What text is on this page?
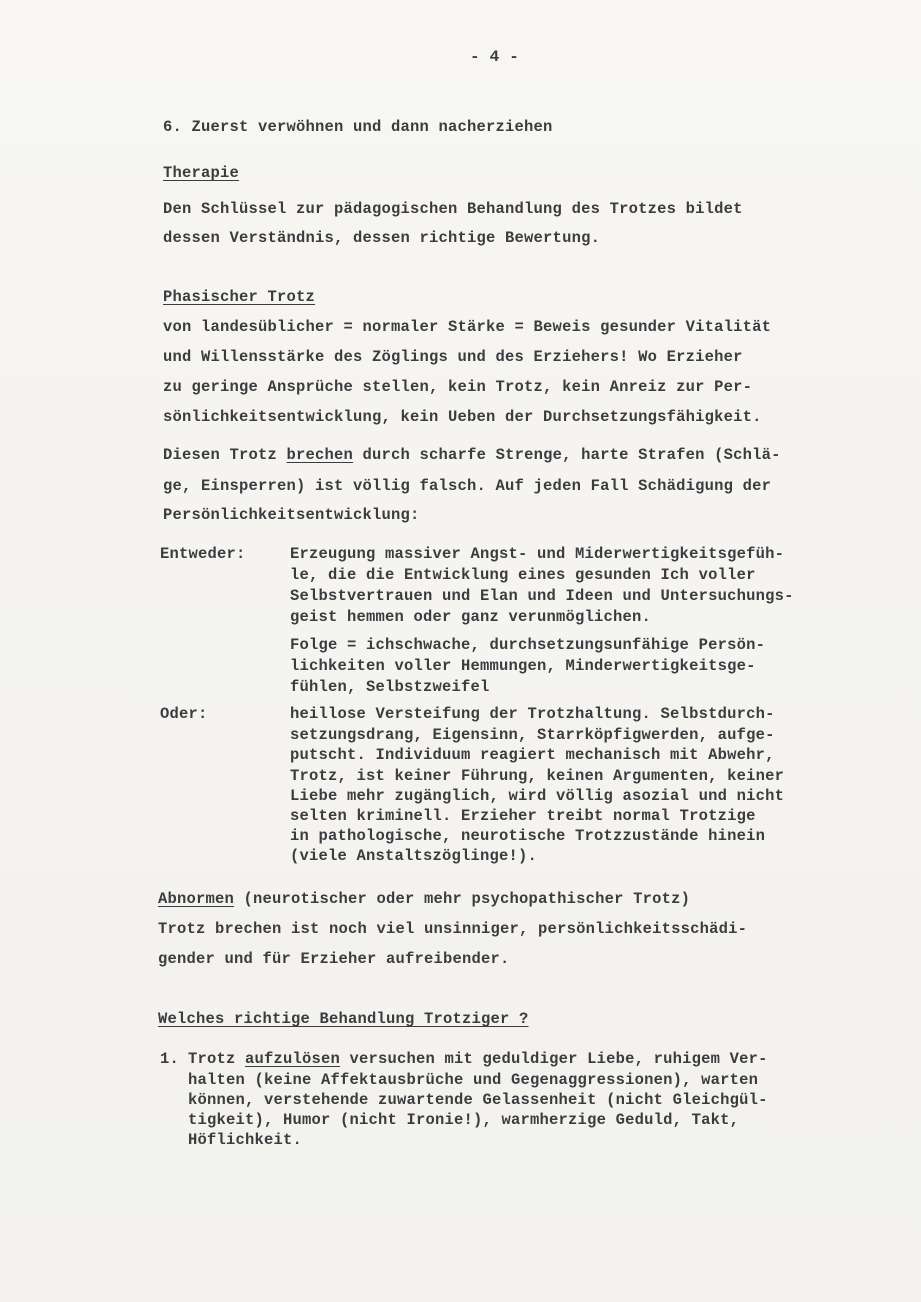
- 4 -
6. Zuerst verwöhnen und dann nacherziehen
Therapie
Den Schlüssel zur pädagogischen Behandlung des Trotzes bildet
dessen Verständnis, dessen richtige Bewertung.
Phasischer Trotz
von landesüblicher = normaler Stärke = Beweis gesunder Vitalität
und Willensstärke des Zöglings und des Erziehers! Wo Erzieher
zu geringe Ansprüche stellen, kein Trotz, kein Anreiz zur Per-
sönlichkeitsentwicklung, kein Ueben der Durchsetzungsfähigkeit.
Diesen Trotz brechen durch scharfe Strenge, harte Strafen (Schlä-
ge, Einsperren) ist völlig falsch. Auf jeden Fall Schädigung der
Persönlichkeitsentwicklung:
Entweder:	Erzeugung massiver Angst- und Miderwertigkeitsgefüh-
le, die die Entwicklung eines gesunden Ich voller
Selbstvertrauen und Elan und Ideen und Untersuchungs-
geist hemmen oder ganz verunmöglichen.
Folge = ichschwache, durchsetzungsunfähige Persön-
lichkeiten voller Hemmungen, Minderwertigkeitsge-
fühlen, Selbstzweifel
Oder:	heillose Versteifung der Trotzhaltung. Selbstdurch-
setzungsdrang, Eigensinn, Starrköpfigwerden, aufge-
putscht. Individuum reagiert mechanisch mit Abwehr,
Trotz, ist keiner Führung, keinen Argumenten, keiner
Liebe mehr zugänglich, wird völlig asozial und nicht
selten kriminell. Erzieher treibt normal Trotzige
in pathologische, neurotische Trotzzustände hinein
(viele Anstaltszöglinge!).
Abnormen (neurotischer oder mehr psychopathischer Trotz)
Trotz brechen ist noch viel unsinniger, persönlichkeitsschädi-
gender und für Erzieher aufreibender.
Welches richtige Behandlung Trotziger ?
1. Trotz aufzulösen versuchen mit geduldiger Liebe, ruhigem Ver-
halten (keine Affektausbrüche und Gegenaggressionen), warten
können, verstehende zuwartende Gelassenheit (nicht Gleichgül-
tigkeit), Humor (nicht Ironie!), warmherzige Geduld, Takt,
Höflichkeit.
